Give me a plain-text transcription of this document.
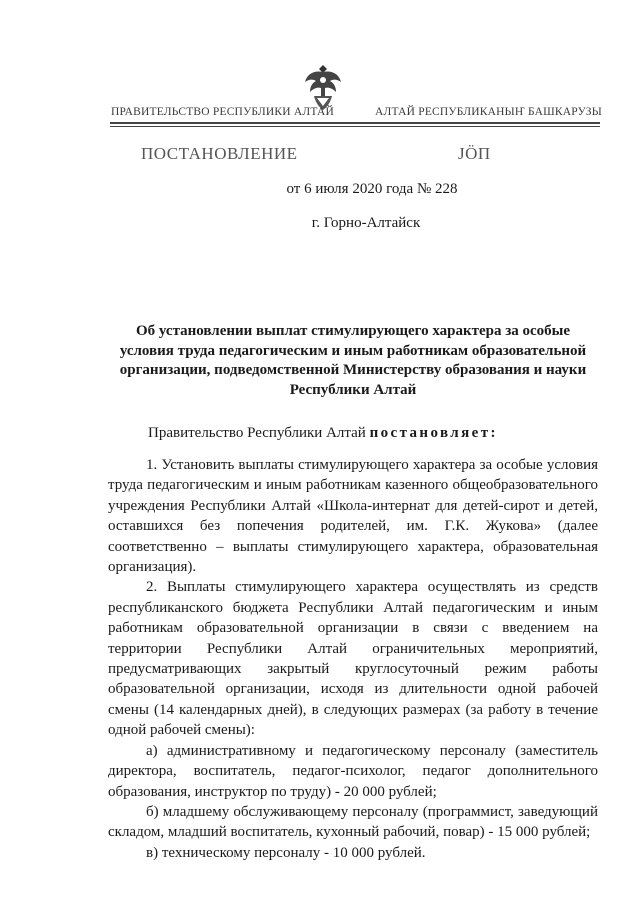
ПРАВИТЕЛЬСТВО РЕСПУБЛИКИ АЛТАЙ	АЛТАЙ РЕСПУБЛИКАНЫҤ БАШКАРУЗЫ
ПОСТАНОВЛЕНИЕ	ЈӦП
от 6 июля 2020 года № 228
г. Горно-Алтайск
Об установлении выплат стимулирующего характера за особые условия труда педагогическим и иным работникам образовательной организации, подведомственной Министерству образования и науки Республики Алтай
Правительство Республики Алтай постановляет:

1. Установить выплаты стимулирующего характера за особые условия труда педагогическим и иным работникам казенного общеобразовательного учреждения Республики Алтай «Школа-интернат для детей-сирот и детей, оставшихся без попечения родителей, им. Г.К. Жукова» (далее соответственно – выплаты стимулирующего характера, образовательная организация).

2. Выплаты стимулирующего характера осуществлять из средств республиканского бюджета Республики Алтай педагогическим и иным работникам образовательной организации в связи с введением на территории Республики Алтай ограничительных мероприятий, предусматривающих закрытый круглосуточный режим работы образовательной организации, исходя из длительности одной рабочей смены (14 календарных дней), в следующих размерах (за работу в течение одной рабочей смены):

а) административному и педагогическому персоналу (заместитель директора, воспитатель, педагог-психолог, педагог дополнительного образования, инструктор по труду) - 20 000 рублей;

б) младшему обслуживающему персоналу (программист, заведующий складом, младший воспитатель, кухонный рабочий, повар) - 15 000 рублей;

в) техническому персоналу - 10 000 рублей.
